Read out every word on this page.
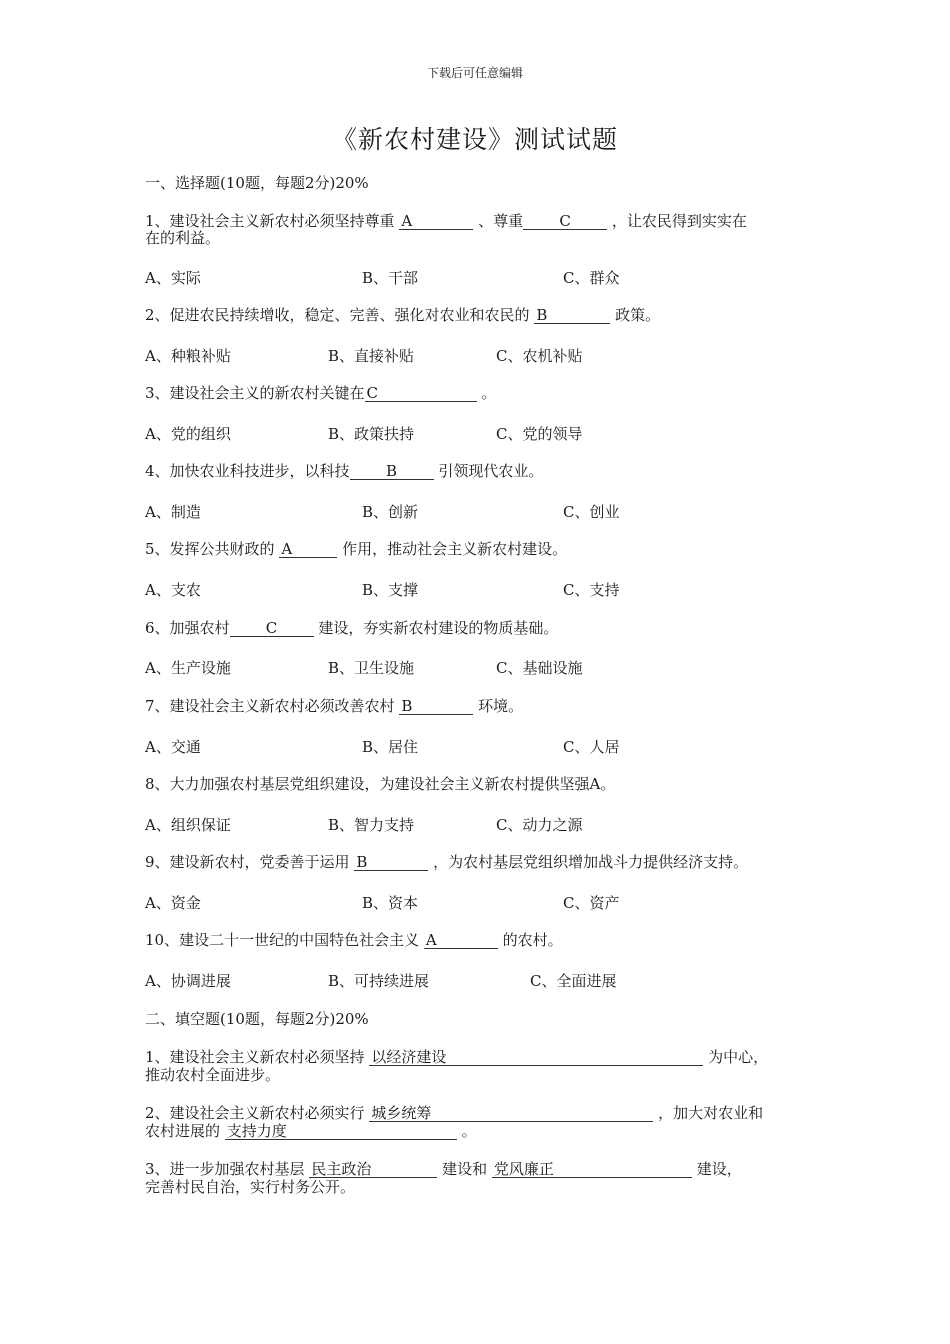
下载后可任意编辑
《新农村建设》测试试题
一、选择题(10题，每题2分)20%
1、建设社会主义新农村必须坚持尊重 A	、尊重 C	，让农民得到实实在
在的利益。
A、实际	B、干部	C、群众
2、促进农民持续增收，稳定、完善、强化对农业和农民的 B	政策。
A、种粮补贴	B、直接补贴	C、农机补贴
3、建设社会主义的新农村关键在 C	。
A、党的组织	B、政策扶持	C、党的领导
4、加快农业科技进步，以科技 B	引领现代农业。
A、制造	B、创新	C、创业
5、发挥公共财政的 A	作用，推动社会主义新农村建设。
A、支农	B、支撑	C、支持
6、加强农村 C	建设，夯实新农村建设的物质基础。
A、生产设施	B、卫生设施	C、基础设施
7、建设社会主义新农村必须改善农村 B	环境。
A、交通	B、居住	C、人居
8、大力加强农村基层党组织建设，为建设社会主义新农村提供坚强A。
A、组织保证	B、智力支持	C、动力之源
9、建设新农村，党委善于运用 B	，为农村基层党组织增加战斗力提供经济支持。
A、资金	B、资本	C、资产
10、建设二十一世纪的中国特色社会主义 A	的农村。
A、协调进展	B、可持续进展	C、全面进展
二、填空题(10题，每题2分)20%
1、建设社会主义新农村必须坚持 以经济建设	为中心，
推动农村全面进步。
2、建设社会主义新农村必须实行 城乡统筹	，加大对农业和
农村进展的 支持力度	。
3、进一步加强农村基层 民主政治	建设和 党风廉正	建设，
完善村民自治，实行村务公开。
